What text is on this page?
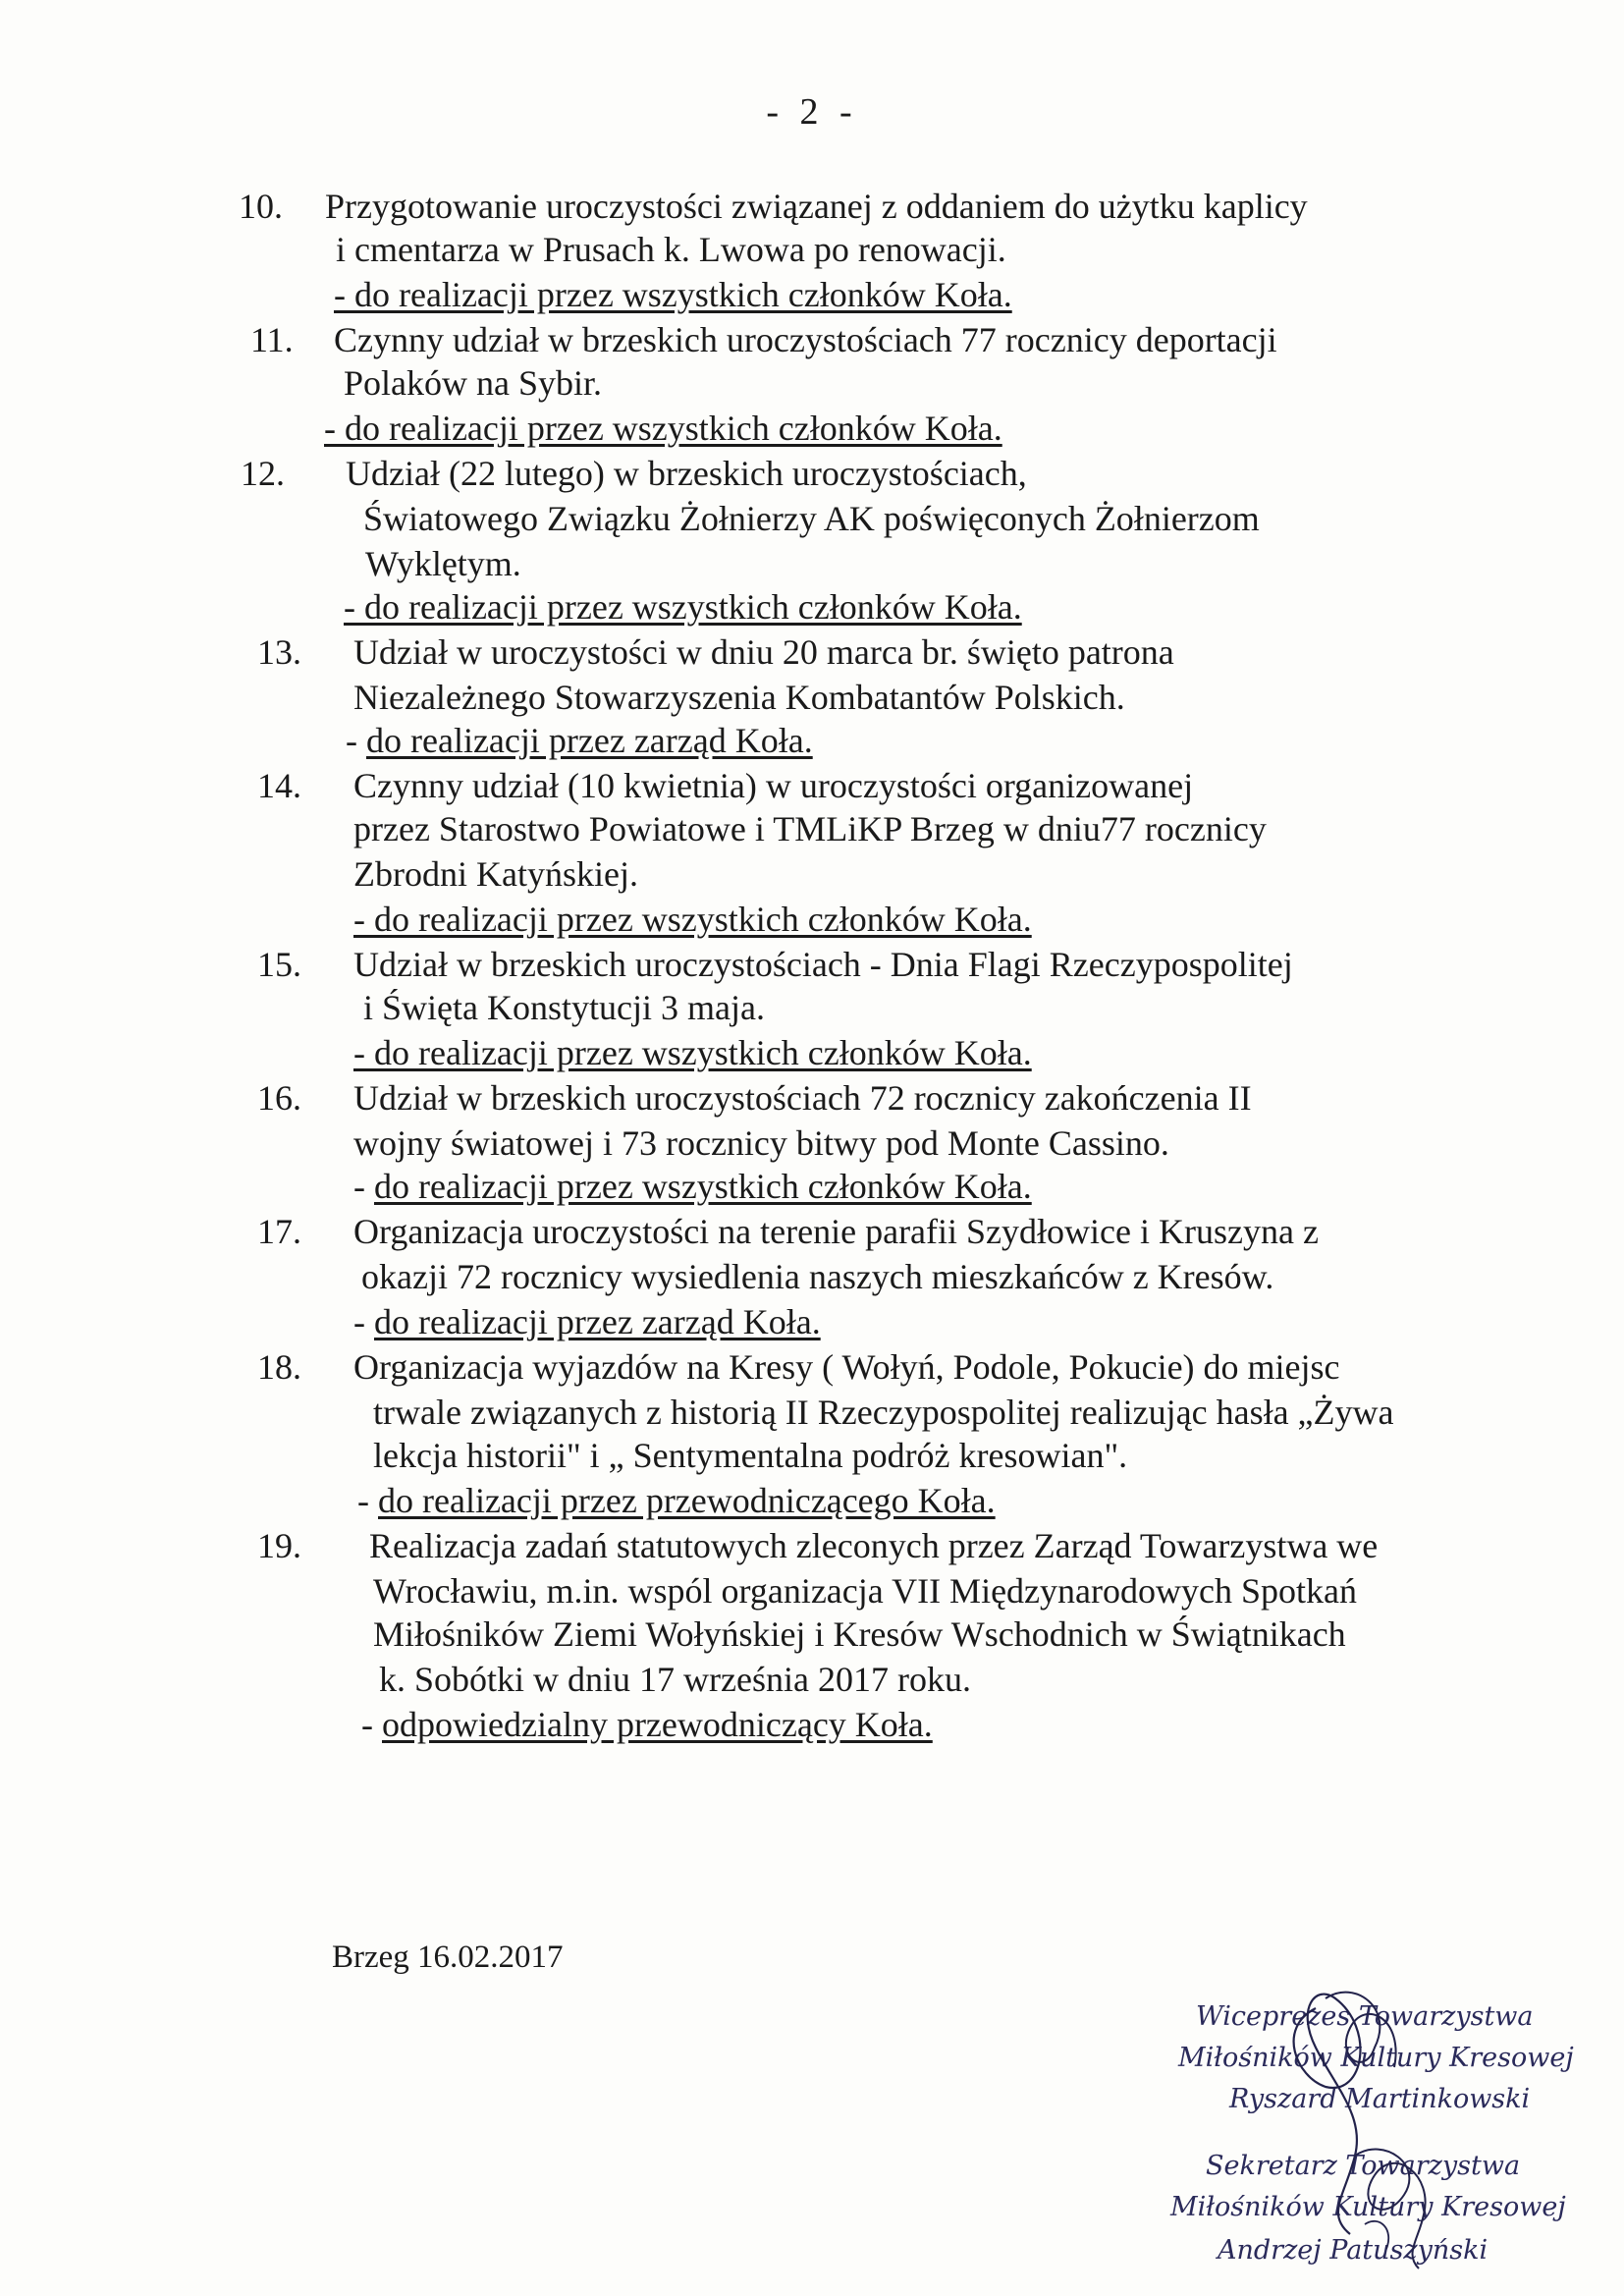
- 2 -
10. Przygotowanie uroczystości związanej z oddaniem do użytku kaplicy
i cmentarza w Prusach k. Lwowa po renowacji.
- do realizacji przez wszystkich członków Koła.
11. Czynny udział w brzeskich uroczystościach 77 rocznicy deportacji
Polaków na Sybir.
- do realizacji przez wszystkich członków Koła.
12. Udział (22 lutego) w brzeskich uroczystościach,
Światowego Związku Żołnierzy AK poświęconych Żołnierzom
Wyklętym.
- do realizacji przez wszystkich członków Koła.
13. Udział w uroczystości w dniu 20 marca br. święto patrona
Niezależnego Stowarzyszenia Kombatantów Polskich.
- do realizacji przez zarząd Koła.
14. Czynny udział (10 kwietnia) w uroczystości organizowanej
przez Starostwo Powiatowe i TMLiKP Brzeg w dniu77 rocznicy
Zbrodni Katyńskiej.
- do realizacji przez wszystkich członków Koła.
15. Udział w brzeskich uroczystościach - Dnia Flagi Rzeczypospolitej
i Święta Konstytucji 3 maja.
- do realizacji przez wszystkich członków Koła.
16. Udział w brzeskich uroczystościach 72 rocznicy zakończenia II
wojny światowej i 73 rocznicy bitwy pod Monte Cassino.
- do realizacji przez wszystkich członków Koła.
17. Organizacja uroczystości na terenie parafii Szydłowice i Kruszyna z
okazji 72 rocznicy wysiedlenia naszych mieszkańców z Kresów.
- do realizacji przez zarząd Koła.
18. Organizacja wyjazdów na Kresy ( Wołyń, Podole, Pokucie) do miejsc
trwale związanych z historią II Rzeczypospolitej realizując hasła „Żywa
lekcja historii" i „ Sentymentalna podróż kresowian".
- do realizacji przez przewodniczącego Koła.
19. Realizacja zadań statutowych zleconych przez Zarząd Towarzystwa we
Wrocławiu, m.in. wspól organizacja VII Międzynarodowych Spotkań
Miłośników Ziemi Wołyńskiej i Kresów Wschodnich w Świątnikach
k. Sobótki w dniu 17 września 2017 roku.
- odpowiedzialny przewodniczący Koła.
Brzeg 16.02.2017
Wiceprezes Towarzystwa
Miłośników Kultury Kresowej
Ryszard Martinkowski
Sekretarz Towarzystwa
Miłośników Kultury Kresowej
Andrzej Patuszyński
